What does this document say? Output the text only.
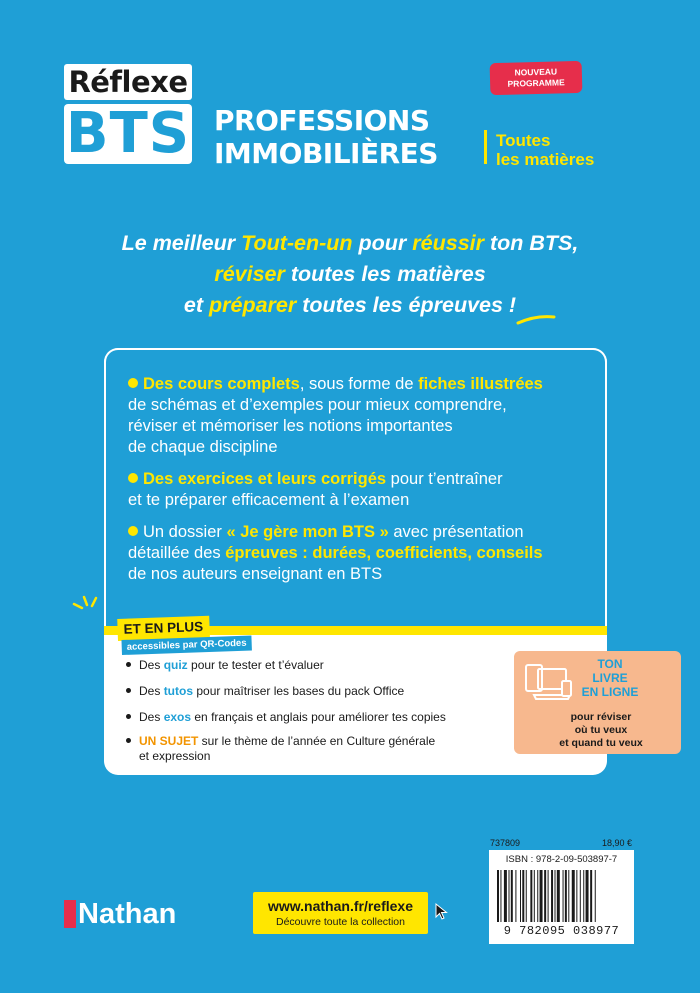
Réflexe
BTS PROFESSIONS
IMMOBILIÈRES	Toutes
les matières
NOUVEAU
PROGRAMME
Le meilleur Tout-en-un pour réussir ton BTS,
réviser toutes les matières
et préparer toutes les épreuves !
Des cours complets, sous forme de fiches illustrées
de schémas et d’exemples pour mieux comprendre,
réviser et mémoriser les notions importantes
de chaque discipline
Des exercices et leurs corrigés pour t’entraîner
et te préparer efficacement à l’examen
Un dossier « Je gère mon BTS » avec présentation
détaillée des épreuves : durées, coefficients, conseils
de nos auteurs enseignant en BTS
ET EN PLUS
accessibles par QR-Codes
Des quiz pour te tester et t’évaluer
Des tutos pour maîtriser les bases du pack Office
Des exos en français et anglais pour améliorer tes copies
UN SUJET sur le thème de l’année en Culture générale
et expression
TON
LIVRE
EN LIGNE
pour réviser
où tu veux
et quand tu veux
737809	18,90 €
ISBN : 978-2-09-503897-7
9 782095 038977
Nathan	www.nathan.fr/reflexe
Découvre toute la collection
